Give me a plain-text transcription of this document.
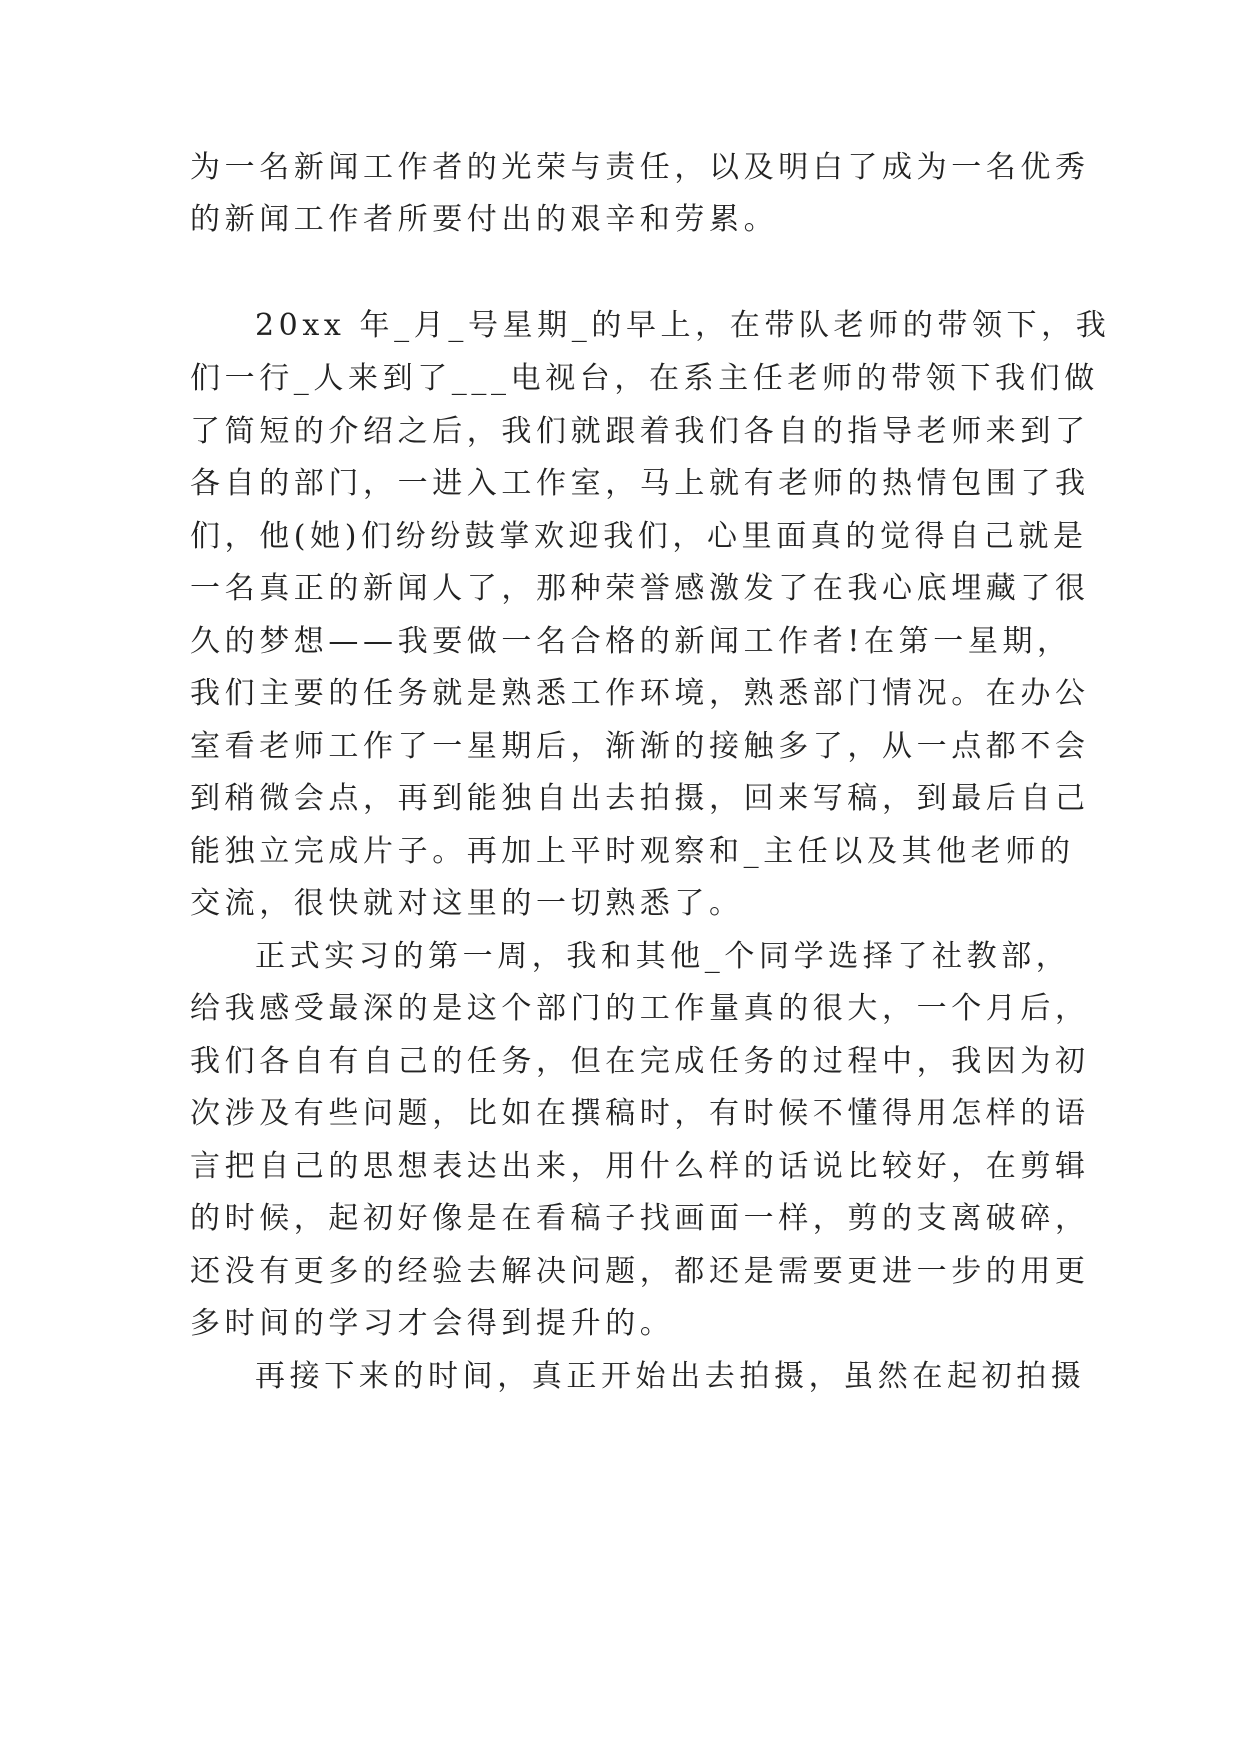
为一名新闻工作者的光荣与责任，以及明白了成为一名优秀
的新闻工作者所要付出的艰辛和劳累。
20xx 年_月_号星期_的早上，在带队老师的带领下，我
们一行_人来到了___电视台，在系主任老师的带领下我们做
了简短的介绍之后，我们就跟着我们各自的指导老师来到了
各自的部门，一进入工作室，马上就有老师的热情包围了我
们，他(她)们纷纷鼓掌欢迎我们，心里面真的觉得自己就是
一名真正的新闻人了，那种荣誉感激发了在我心底埋藏了很
久的梦想——我要做一名合格的新闻工作者!在第一星期，
我们主要的任务就是熟悉工作环境，熟悉部门情况。在办公
室看老师工作了一星期后，渐渐的接触多了，从一点都不会
到稍微会点，再到能独自出去拍摄，回来写稿，到最后自己
能独立完成片子。再加上平时观察和_主任以及其他老师的
交流，很快就对这里的一切熟悉了。
正式实习的第一周，我和其他_个同学选择了社教部，
给我感受最深的是这个部门的工作量真的很大，一个月后，
我们各自有自己的任务，但在完成任务的过程中，我因为初
次涉及有些问题，比如在撰稿时，有时候不懂得用怎样的语
言把自己的思想表达出来，用什么样的话说比较好，在剪辑
的时候，起初好像是在看稿子找画面一样，剪的支离破碎，
还没有更多的经验去解决问题，都还是需要更进一步的用更
多时间的学习才会得到提升的。
再接下来的时间，真正开始出去拍摄，虽然在起初拍摄
